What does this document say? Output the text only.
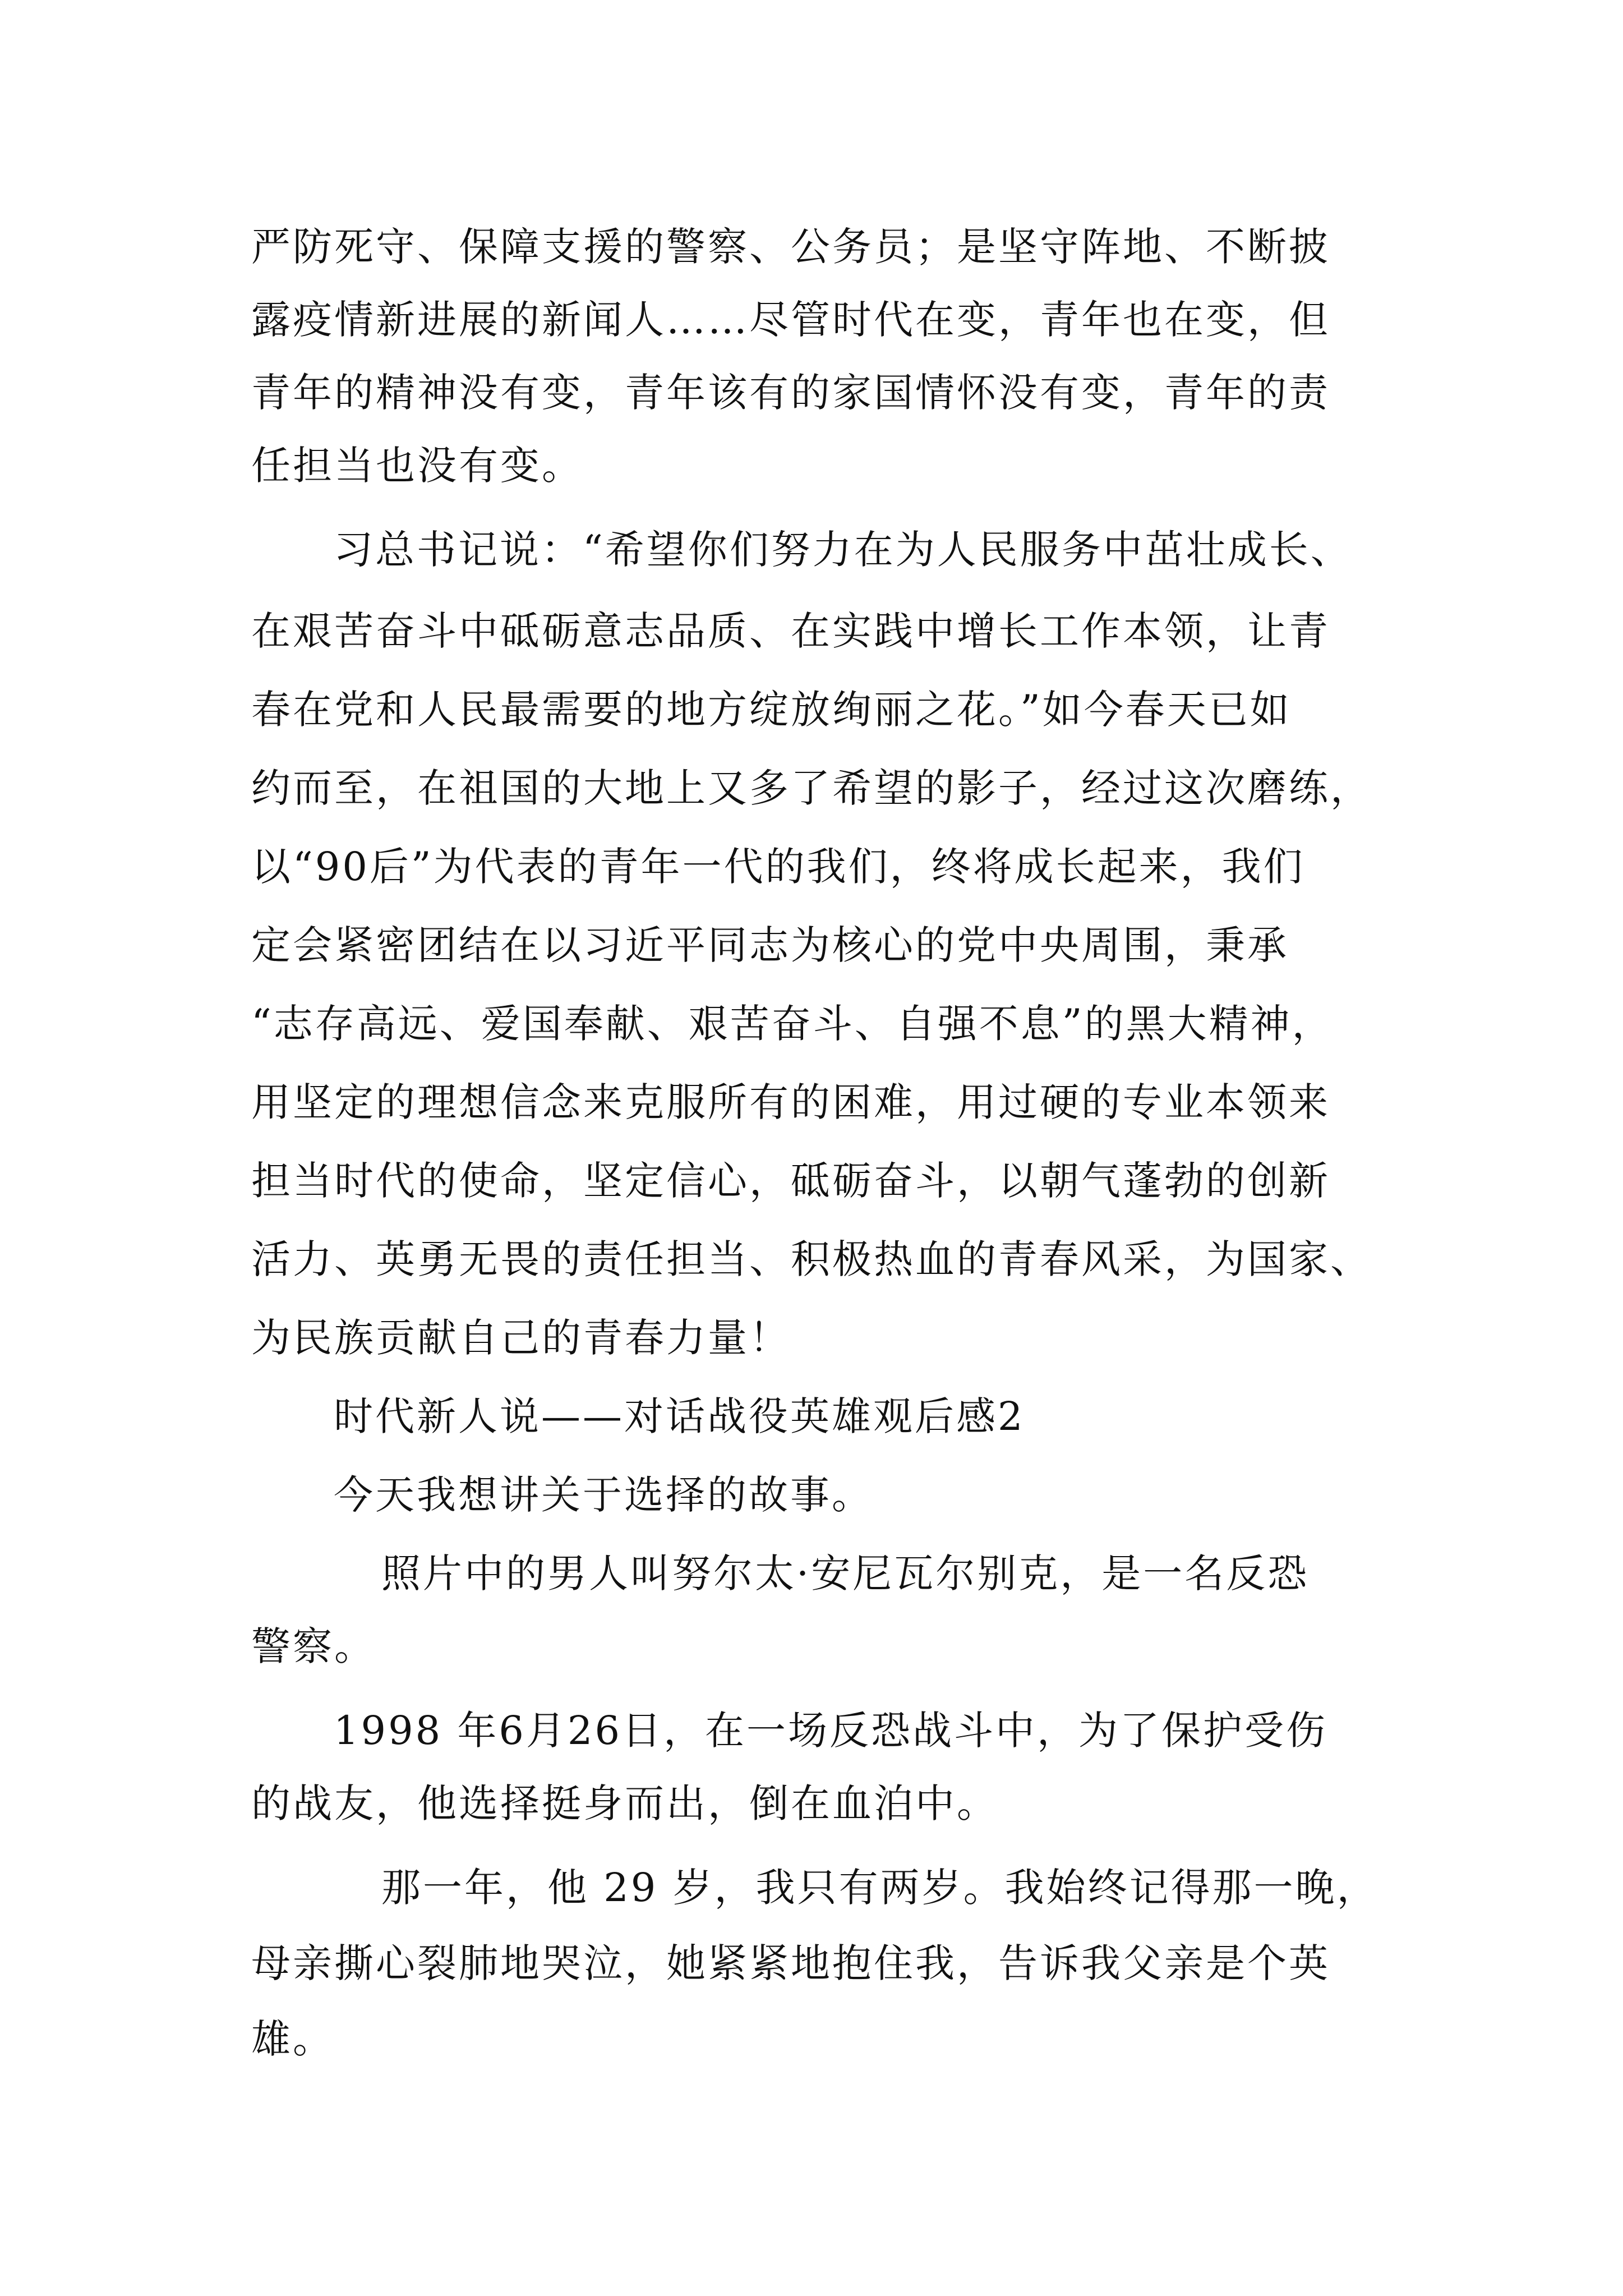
严防死守、保障支援的警察、公务员；是坚守阵地、不断披
露疫情新进展的新闻人……尽管时代在变，青年也在变，但
青年的精神没有变，青年该有的家国情怀没有变，青年的责
任担当也没有变。
习总书记说：“希望你们努力在为人民服务中茁壮成长、
在艰苦奋斗中砥砺意志品质、在实践中增长工作本领，让青
春在党和人民最需要的地方绽放绚丽之花。”如今春天已如
约而至，在祖国的大地上又多了希望的影子，经过这次磨练，
以“90后”为代表的青年一代的我们，终将成长起来，我们
定会紧密团结在以习近平同志为核心的党中央周围，秉承
“志存高远、爱国奉献、艰苦奋斗、自强不息”的黑大精神，
用坚定的理想信念来克服所有的困难，用过硬的专业本领来
担当时代的使命，坚定信心，砥砺奋斗，以朝气蓬勃的创新
活力、英勇无畏的责任担当、积极热血的青春风采，为国家、
为民族贡献自己的青春力量！
时代新人说——对话战役英雄观后感2
今天我想讲关于选择的故事。
照片中的男人叫努尔太·安尼瓦尔别克，是一名反恐
警察。
1998 年6月26日，在一场反恐战斗中，为了保护受伤
的战友，他选择挺身而出，倒在血泊中。
那一年，他 29 岁，我只有两岁。我始终记得那一晚，
母亲撕心裂肺地哭泣，她紧紧地抱住我，告诉我父亲是个英
雄。
